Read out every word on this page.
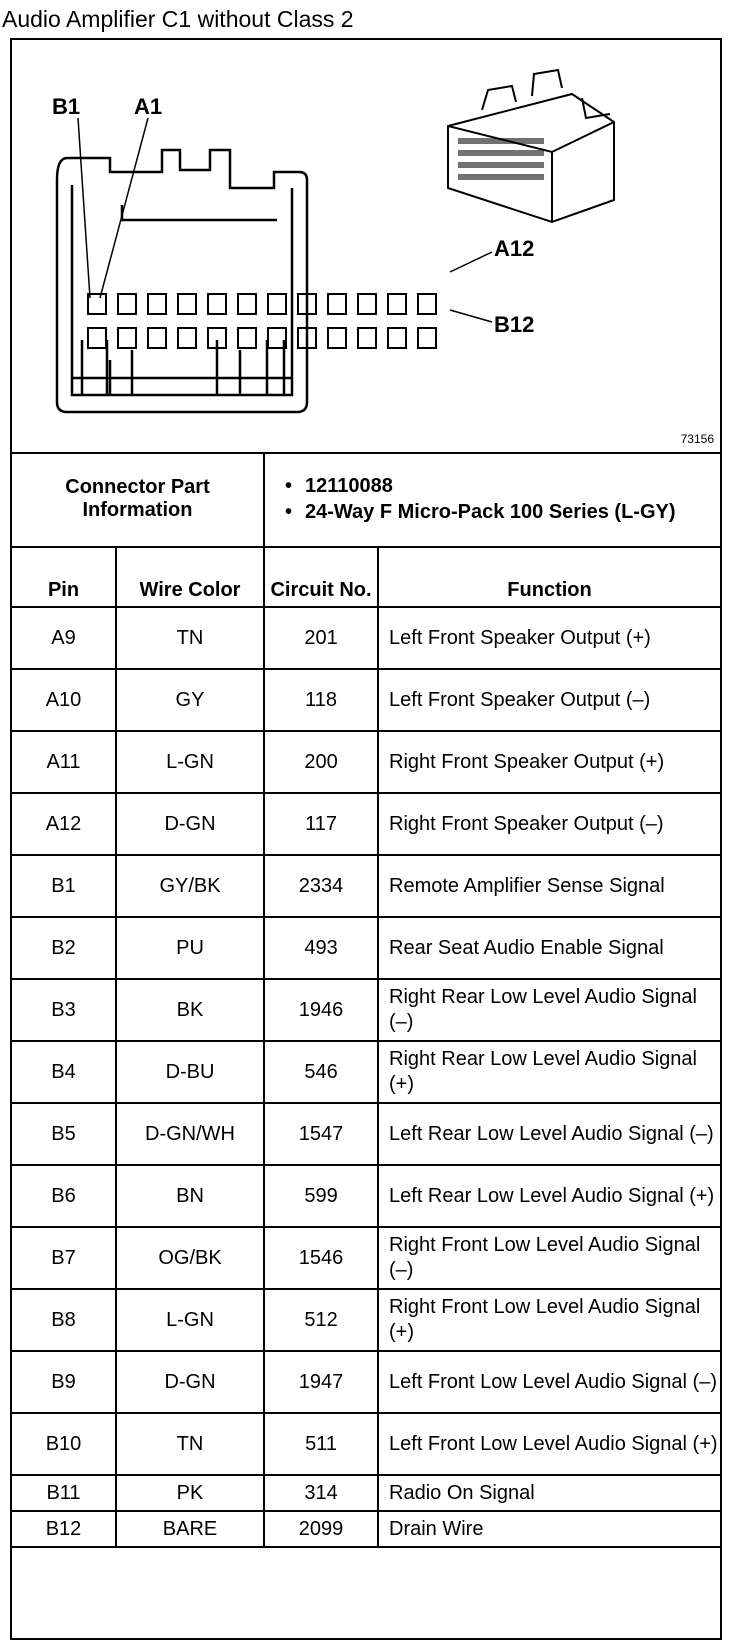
Audio Amplifier C1 without Class 2
B1 A1
A12
B12
73156
Connector Part Information		• 12110088
• 24-Way F Micro-Pack 100 Series (L-GY)	

Pin	Wire Color	Circuit No.	Function
A9	TN	201	Left Front Speaker Output (+)
A10	GY	118	Left Front Speaker Output (–)
A11	L-GN	200	Right Front Speaker Output (+)
A12	D-GN	117	Right Front Speaker Output (–)
B1	GY/BK	2334	Remote Amplifier Sense Signal
B2	PU	493	Rear Seat Audio Enable Signal
B3	BK	1946	Right Rear Low Level Audio Signal (–)
B4	D-BU	546	Right Rear Low Level Audio Signal (+)
B5	D-GN/WH	1547	Left Rear Low Level Audio Signal (–)
B6	BN	599	Left Rear Low Level Audio Signal (+)
B7	OG/BK	1546	Right Front Low Level Audio Signal (–)
B8	L-GN	512	Right Front Low Level Audio Signal (+)
B9	D-GN	1947	Left Front Low Level Audio Signal (–)
B10	TN	511	Left Front Low Level Audio Signal (+)
B11	PK	314	Radio On Signal
B12	BARE	2099	Drain Wire
